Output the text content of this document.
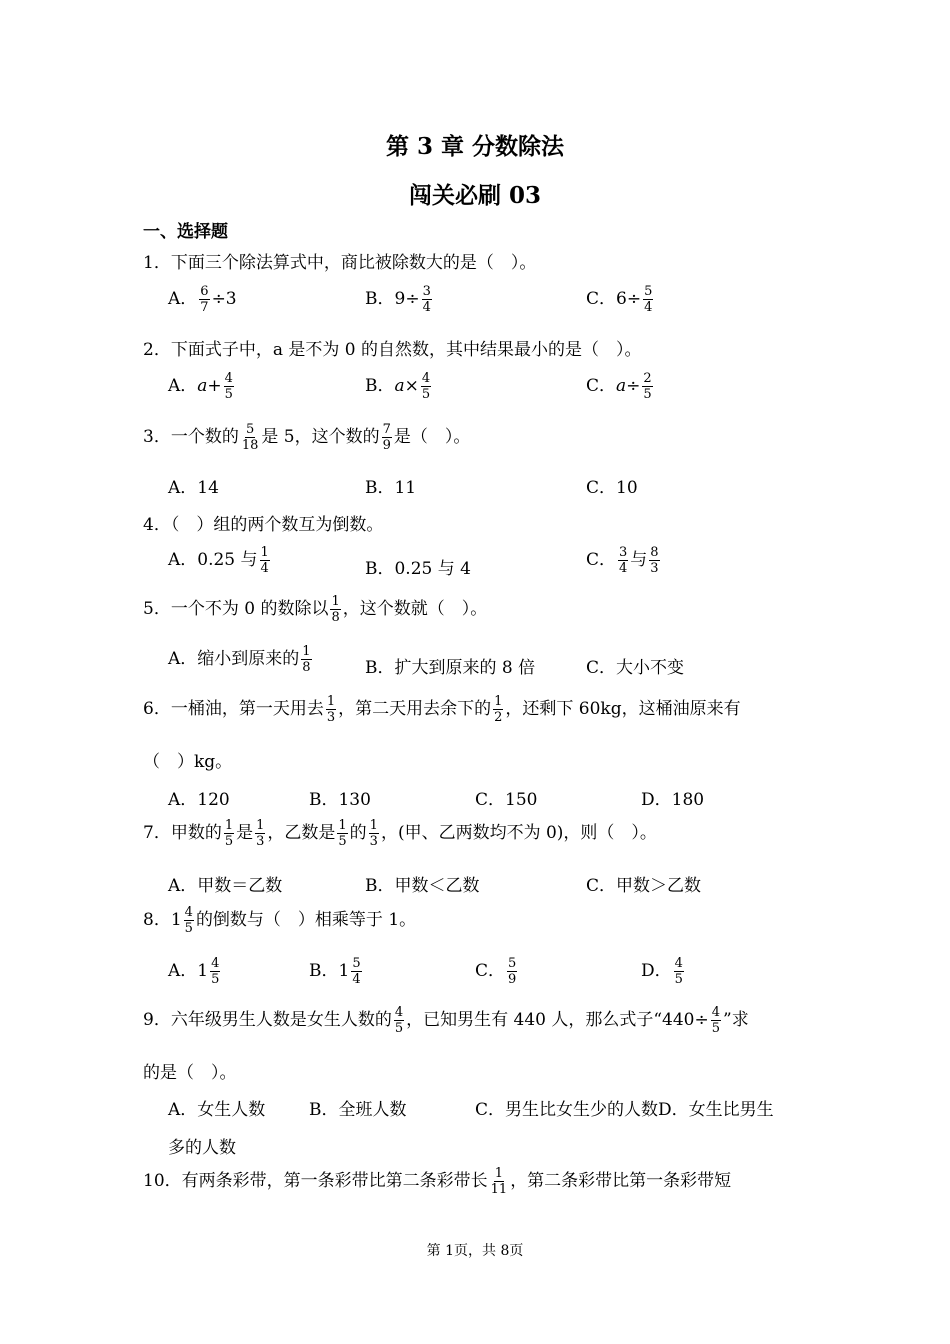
第 3 章 分数除法
闯关必刷 03
一、选择题
1．下面三个除法算式中，商比被除数大的是（　）。
A． $\frac{6}{7} \div 3$	B．$9\div \frac{3}{4}$	C．$6\div \frac{5}{4}$
2．下面式子中，a 是不为 0 的自然数，其中结果最小的是（　）。
A．$a+ \frac{4}{5}$	B．$a\times \frac{4}{5}$	C．$a\div \frac{2}{5}$
3．一个数的 $\frac{5}{18}$ 是 5，这个数的 $\frac{7}{9}$ 是（　）。
A．14	B．11	C．10
4．（　）组的两个数互为倒数。
A．0.25 与 $\frac{1}{4}$	B．0.25 与 4	C． $\frac{3}{4}$ 与 $\frac{8}{3}$
5．一个不为 0 的数除以 $\frac{1}{8}$ ，这个数就（　）。
A．缩小到原来的 $\frac{1}{8}$	B．扩大到原来的 8 倍	C．大小不变
6．一桶油，第一天用去 $\frac{1}{3}$ ，第二天用去余下的 $\frac{1}{2}$ ，还剩下 60kg，这桶油原来有
（　）kg。
A．120	B．130	C．150	D．180
7．甲数的 $\frac{1}{5}$ 是 $\frac{1}{3}$ ，乙数是 $\frac{1}{5}$ 的 $\frac{1}{3}$ ，(甲、乙两数均不为 0)，则（　）。
A．甲数＝乙数	B．甲数＜乙数	C．甲数＞乙数
8．$1 \frac{4}{5}$ 的倒数与（　）相乘等于 1。
A．$1 \frac{4}{5}$	B．$1 \frac{5}{4}$	C． $\frac{5}{9}$	D． $\frac{4}{5}$
9．六年级男生人数是女生人数的 $\frac{4}{5}$ ，已知男生有 440 人，那么式子“$440\div \frac{4}{5}$ ”求
的是（　）。
A．女生人数	B．全班人数	C．男生比女生少的人数D．女生比男生
多的人数
10．有两条彩带，第一条彩带比第二条彩带长 $\frac{1}{11}$ ，第二条彩带比第一条彩带短
第 1页，共 8页
